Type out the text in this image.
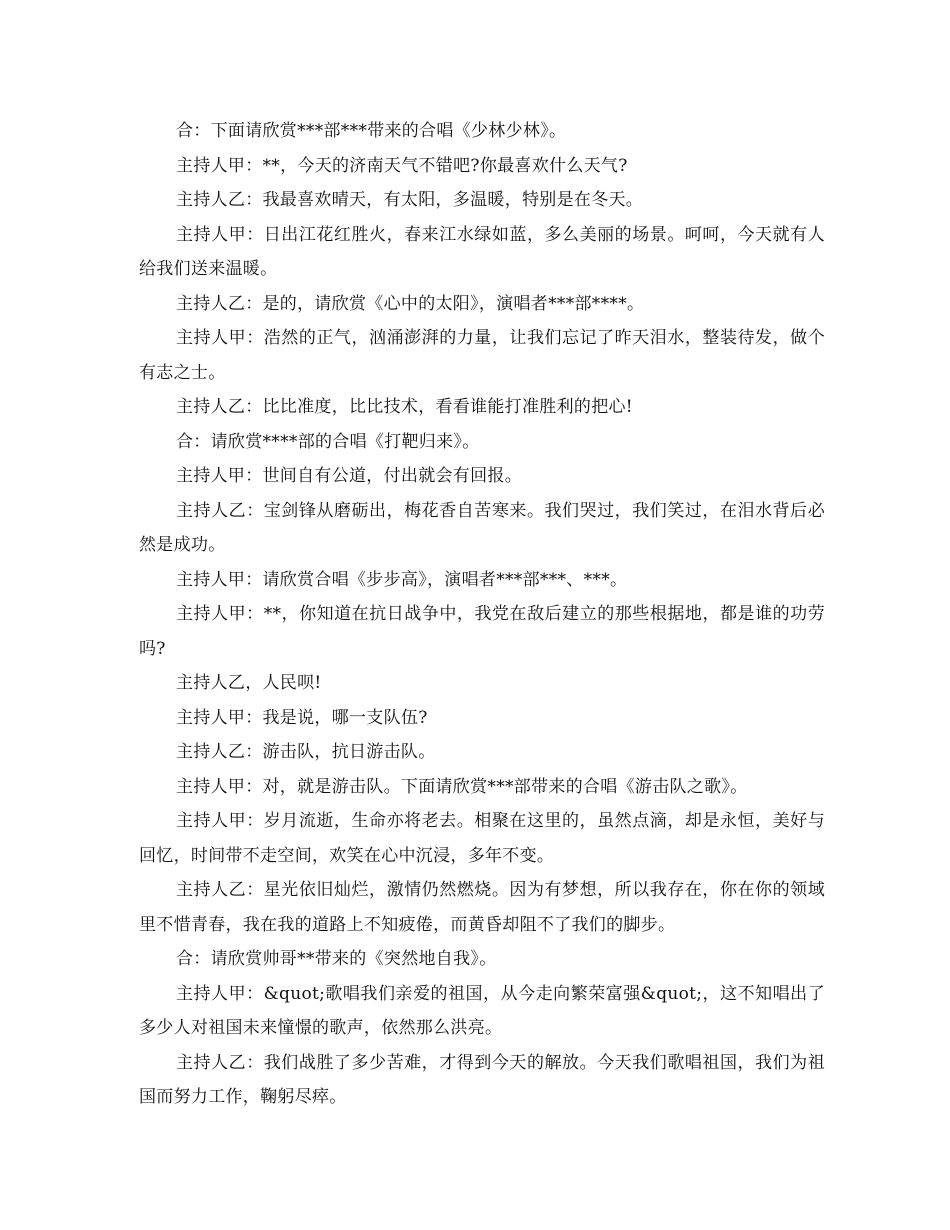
合：下面请欣赏***部***带来的合唱《少林少林》。

主持人甲：**，今天的济南天气不错吧?你最喜欢什么天气?

主持人乙：我最喜欢晴天，有太阳，多温暖，特别是在冬天。

主持人甲：日出江花红胜火，春来江水绿如蓝，多么美丽的场景。呵呵，今天就有人给我们送来温暖。

主持人乙：是的，请欣赏《心中的太阳》，演唱者***部****。

主持人甲：浩然的正气，汹涌澎湃的力量，让我们忘记了昨天泪水，整装待发，做个有志之士。

主持人乙：比比准度，比比技术，看看谁能打准胜利的把心!

合：请欣赏****部的合唱《打靶归来》。

主持人甲：世间自有公道，付出就会有回报。

主持人乙：宝剑锋从磨砺出，梅花香自苦寒来。我们哭过，我们笑过，在泪水背后必然是成功。

主持人甲：请欣赏合唱《步步高》，演唱者***部***、***。

主持人甲：**，你知道在抗日战争中，我党在敌后建立的那些根据地，都是谁的功劳吗?

主持人乙，人民呗!

主持人甲：我是说，哪一支队伍?

主持人乙：游击队，抗日游击队。

主持人甲：对，就是游击队。下面请欣赏***部带来的合唱《游击队之歌》。

主持人甲：岁月流逝，生命亦将老去。相聚在这里的，虽然点滴，却是永恒，美好与回忆，时间带不走空间，欢笑在心中沉浸，多年不变。

主持人乙：星光依旧灿烂，激情仍然燃烧。因为有梦想，所以我存在，你在你的领域里不惜青春，我在我的道路上不知疲倦，而黄昏却阻不了我们的脚步。

合：请欣赏帅哥**带来的《突然地自我》。

主持人甲：&quot;歌唱我们亲爱的祖国，从今走向繁荣富强&quot;，这不知唱出了多少人对祖国未来憧憬的歌声，依然那么洪亮。

主持人乙：我们战胜了多少苦难，才得到今天的解放。今天我们歌唱祖国，我们为祖国而努力工作，鞠躬尽瘁。
